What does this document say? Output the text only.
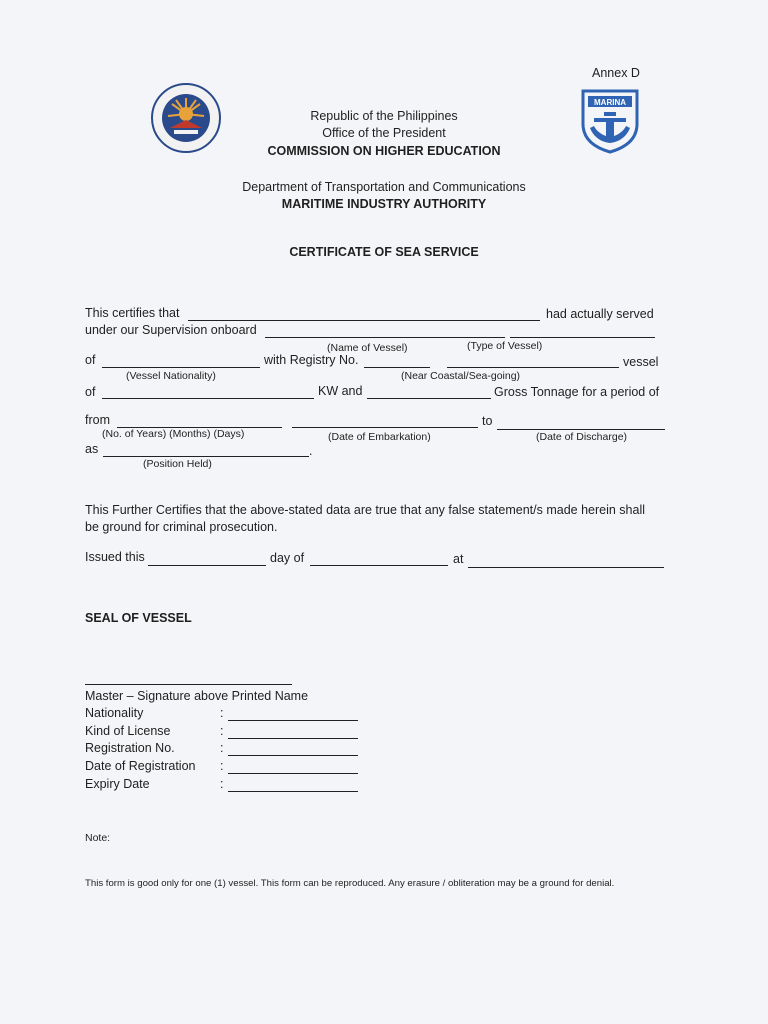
MARINA
Annex D
Republic of the Philippines
Office of the President
COMMISSION ON HIGHER EDUCATION
Department of Transportation and Communications
MARITIME INDUSTRY AUTHORITY
CERTIFICATE OF SEA SERVICE
This certifies that	had actually served
under our Supervision onboard
(Name of Vessel)	(Type of Vessel)
of	with Registry No.	vessel
(Vessel Nationality)	(Near Coastal/Sea-going)
of	KW and	Gross Tonnage for a period of
from	to
(No. of Years) (Months) (Days)	(Date of Embarkation)	(Date of Discharge)
as	.
(Position Held)
This Further Certifies that the above-stated data are true that any false statement/s made herein shall
be ground for criminal prosecution.
Issued this	day of	at
SEAL OF VESSEL
Master – Signature above Printed Name
Nationality	:
Kind of License	:
Registration No.	:
Date of Registration :
Expiry Date	:
Note:
This form is good only for one (1) vessel. This form can be reproduced. Any erasure / obliteration may be a ground for denial.
